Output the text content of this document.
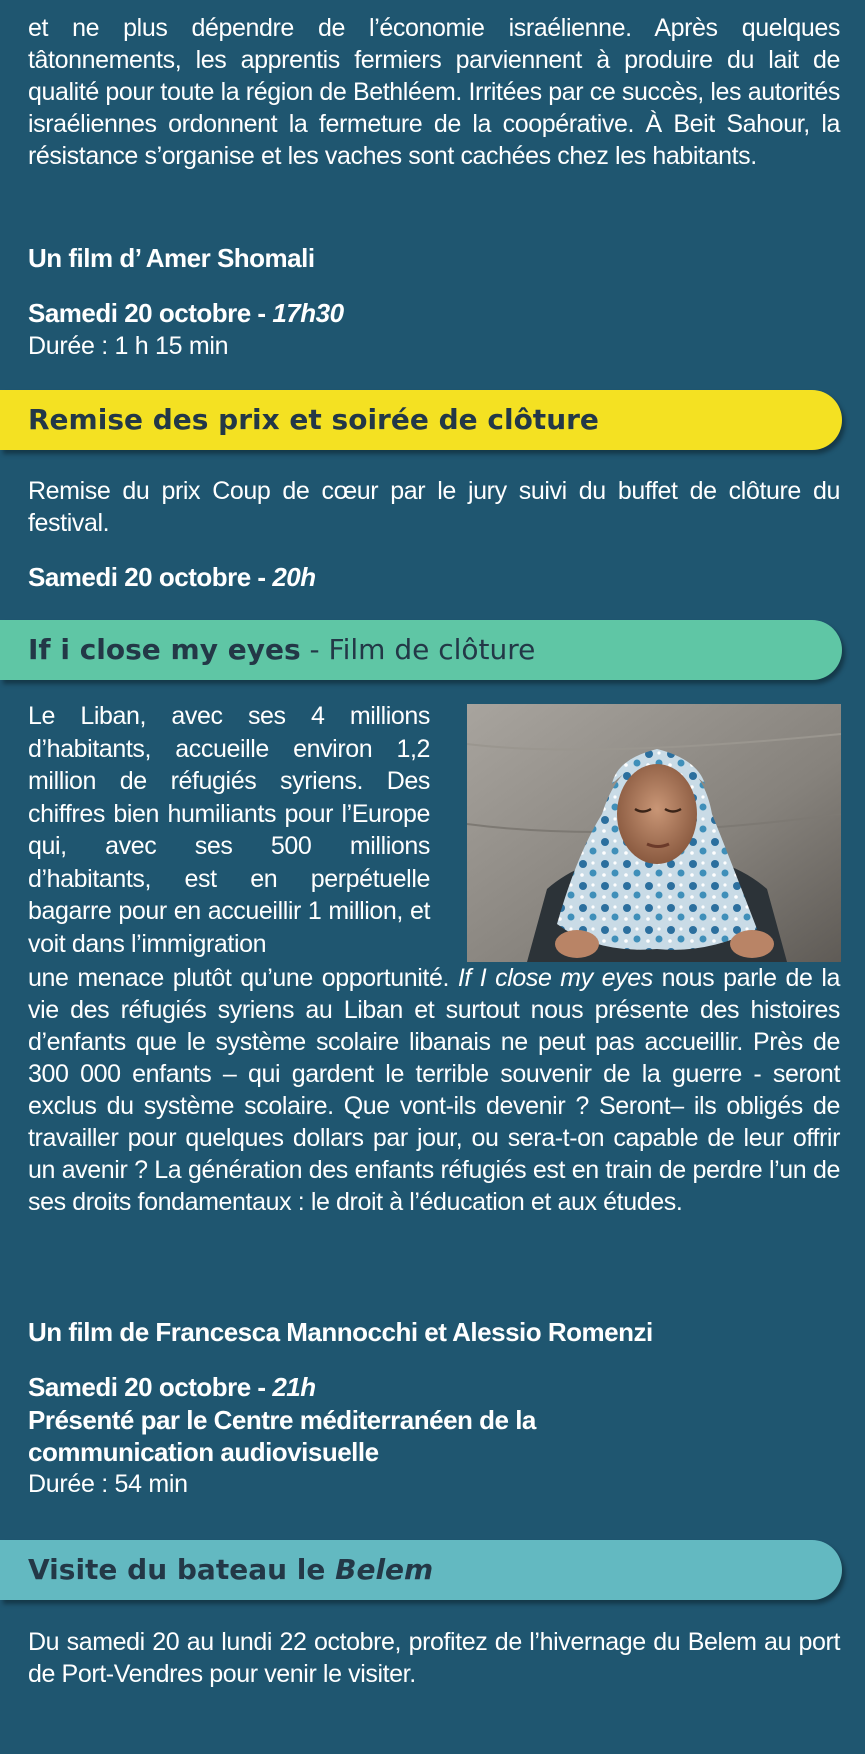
et ne plus dépendre de l’économie israélienne. Après quelques tâtonnements, les apprentis fermiers parviennent à produire du lait de qualité pour toute la région de Bethléem. Irritées par ce succès, les autorités israéliennes ordonnent la fermeture de la coopérative. À Beit Sahour, la résistance s’organise et les vaches sont cachées chez les habitants.

Un film d’ Amer Shomali

Samedi 20 octobre - 17h30

Durée : 1 h 15 min

Remise des prix et soirée de clôture

Remise du prix Coup de cœur par le jury suivi du buffet de clôture du festival.

Samedi 20 octobre - 20h

If i close my eyes - Film de clôture

Le Liban, avec ses 4 millions d’habitants, accueille environ 1,2 million de réfugiés syriens. Des chiffres bien humiliants pour l’Europe qui, avec ses 500 millions d’habitants, est en perpétuelle bagarre pour en accueillir 1 million, et voit dans l’immigration

une menace plutôt qu’une opportunité. If I close my eyes nous parle de la vie des réfugiés syriens au Liban et surtout nous présente des histoires d’enfants que le système scolaire libanais ne peut pas accueillir. Près de 300 000 enfants – qui gardent le terrible souvenir de la guerre - seront exclus du système scolaire. Que vont-ils devenir ? Seront– ils obligés de travailler pour quelques dollars par jour, ou sera-t-on capable de leur offrir un avenir ? La génération des enfants réfugiés est en train de perdre l’un de ses droits fondamentaux : le droit à l’éducation et aux études.

Un film de Francesca Mannocchi et Alessio Romenzi

Samedi 20 octobre - 21h

Présenté par le Centre méditerranéen de la

communication audiovisuelle

Durée : 54 min

Visite du bateau le Belem

Du samedi 20 au lundi 22 octobre, profitez de l’hivernage du Belem au port de Port-Vendres pour venir le visiter.
